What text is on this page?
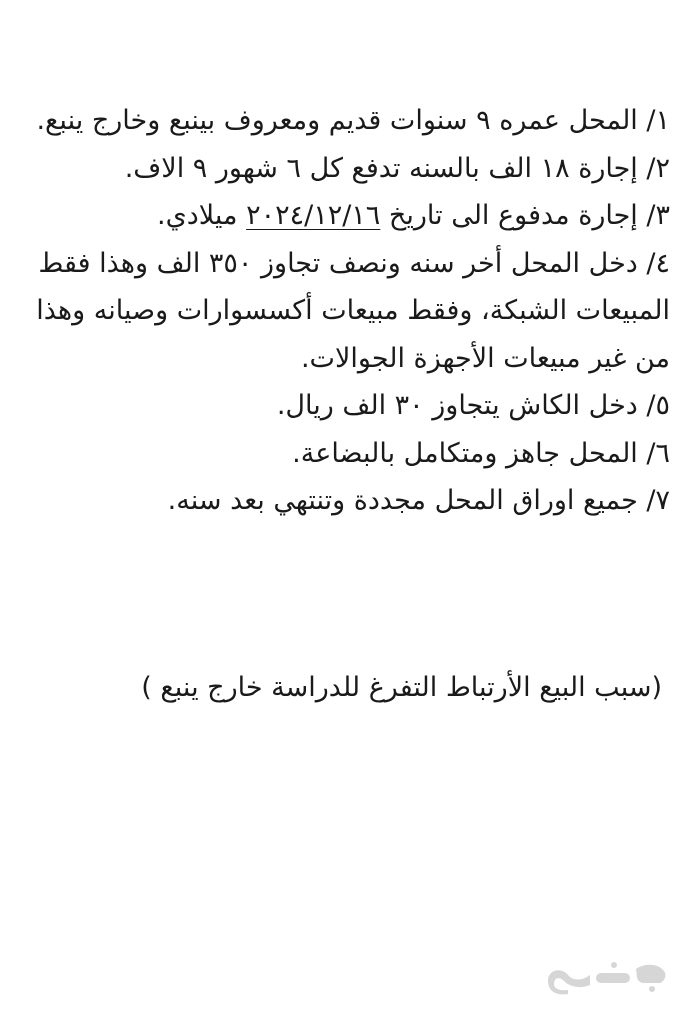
١/ المحل عمره ٩ سنوات قديم ومعروف بينبع وخارج ينبع.

٢/ إجارة ١٨ الف بالسنه تدفع كل ٦ شهور ٩ الاف.

٣/ إجارة مدفوع الى تاريخ ٢٠٢٤/١٢/١٦ ميلادي.

٤/ دخل المحل أخر سنه ونصف تجاوز ٣٥٠ الف وهذا فقط المبيعات الشبكة، وفقط مبيعات أكسسوارات وصيانه وهذا من غير مبيعات الأجهزة الجوالات.

٥/ دخل الكاش يتجاوز ٣٠ الف ريال.

٦/ المحل جاهز ومتكامل بالبضاعة.

٧/ جميع اوراق المحل مجددة وتنتهي بعد سنه.

(سبب البيع الأرتباط التفرغ للدراسة خارج ينبع )
